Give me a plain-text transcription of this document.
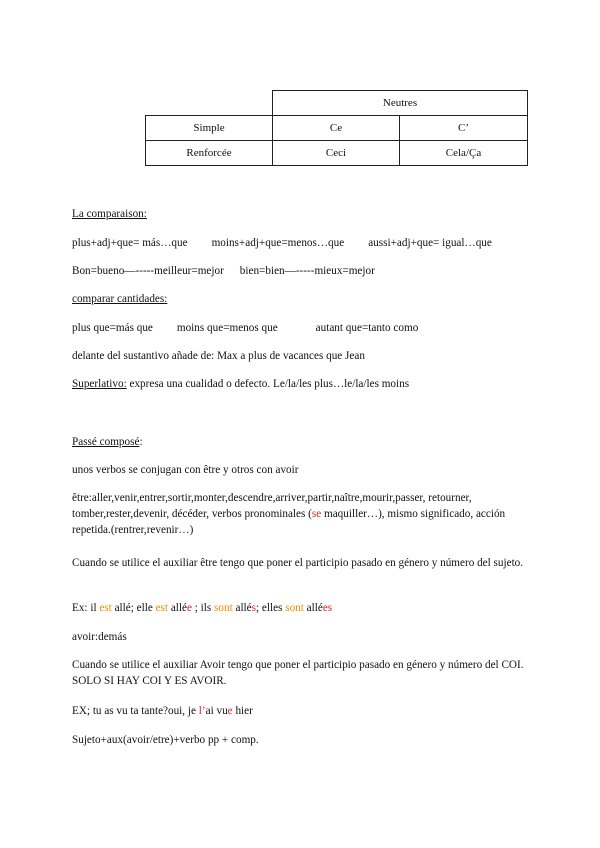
	Neutres	
Simple	Ce	C’
Renforcée	Ceci	Cela/Ça
La comparaison:
plus+adj+que= más…que moins+adj+que=menos…que aussi+adj+que= igual…que
Bon=bueno—-----meilleur=mejor bien=bien—-----mieux=mejor
comparar cantidades:
plus que=más que moins que=menos que	autant que=tanto como
delante del sustantivo añade de: Max a plus de vacances que Jean
Superlativo: expresa una cualidad o defecto. Le/la/les plus…le/la/les moins
Passé composé:
unos verbos se conjugan con être y otros con avoir
être:aller,venir,entrer,sortir,monter,descendre,arriver,partir,naître,mourir,passer, retourner, tomber,rester,devenir, décéder, verbos pronominales (se maquiller…), mismo significado, acción repetida.(rentrer,revenir…)
Cuando se utilice el auxiliar être tengo que poner el participio pasado en género y número del sujeto.
Ex: il est allé; elle est allée ; ils sont allés; elles sont allées
avoir:demás
Cuando se utilice el auxiliar Avoir tengo que poner el participio pasado en género y número del COI. SOLO SI HAY COI Y ES AVOIR.
EX; tu as vu ta tante?oui, je l’ai vue hier
Sujeto+aux(avoir/etre)+verbo pp + comp.
